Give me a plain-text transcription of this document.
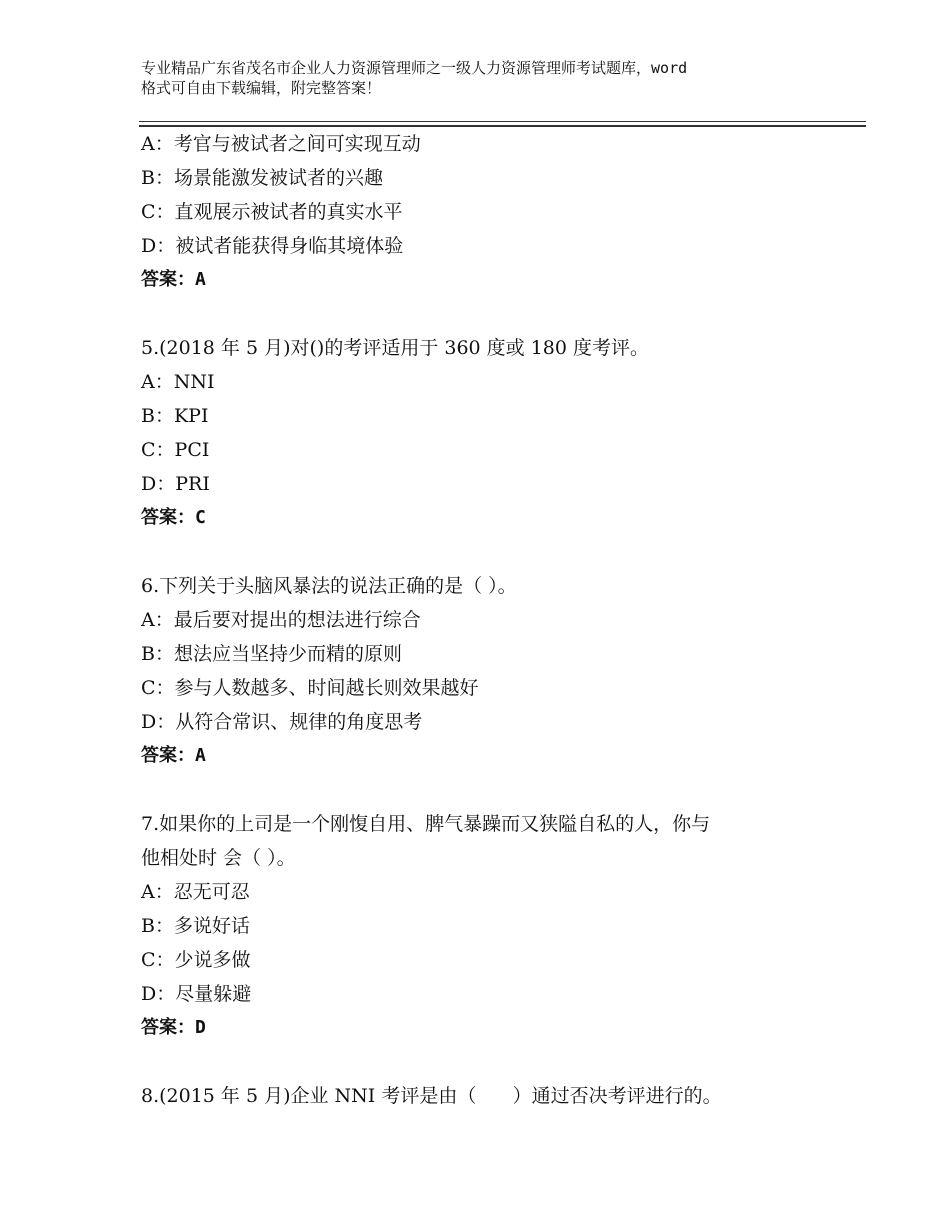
专业精品广东省茂名市企业人力资源管理师之一级人力资源管理师考试题库，word
格式可自由下载编辑，附完整答案！
A：考官与被试者之间可实现互动
B：场景能激发被试者的兴趣
C：直观展示被试者的真实水平
D：被试者能获得身临其境体验
答案：A
5.(2018 年 5 月)对()的考评适用于 360 度或 180 度考评。
A：NNI
B：KPI
C：PCI
D：PRI
答案：C
6.下列关于头脑风暴法的说法正确的是（ ）。
A：最后要对提出的想法进行综合
B：想法应当坚持少而精的原则
C：参与人数越多、时间越长则效果越好
D：从符合常识、规律的角度思考
答案：A
7.如果你的上司是一个刚愎自用、脾气暴躁而又狭隘自私的人，你与
他相处时 会（ ）。
A：忍无可忍
B：多说好话
C：少说多做
D：尽量躲避
答案：D
8.(2015 年 5 月)企业 NNI 考评是由（      ）通过否决考评进行的。
